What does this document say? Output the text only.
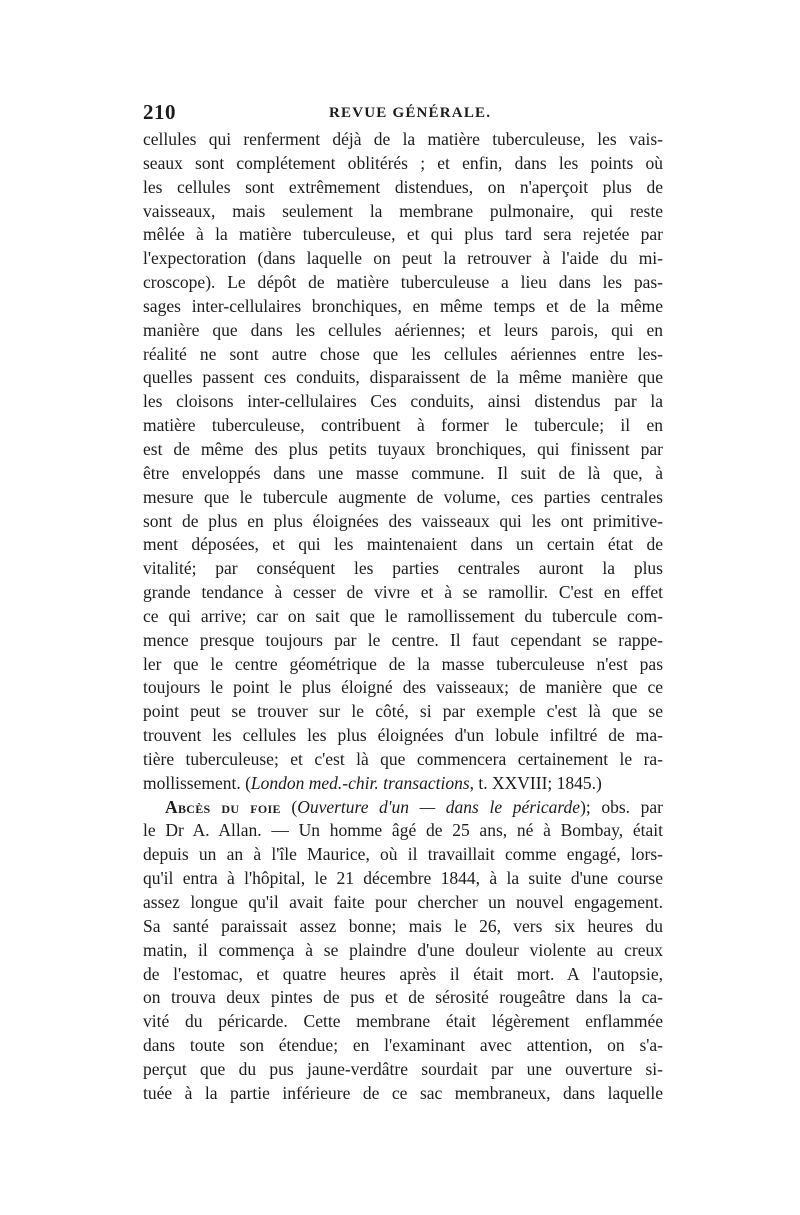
210	REVUE GÉNÉRALE.
cellules qui renferment déjà de la matière tuberculeuse, les vais-
seaux sont complétement oblitérés ; et enfin, dans les points où
les cellules sont extrêmement distendues, on n'aperçoit plus de
vaisseaux, mais seulement la membrane pulmonaire, qui reste
mêlée à la matière tuberculeuse, et qui plus tard sera rejetée par
l'expectoration (dans laquelle on peut la retrouver à l'aide du mi-
croscope). Le dépôt de matière tuberculeuse a lieu dans les pas-
sages inter-cellulaires bronchiques, en même temps et de la même
manière que dans les cellules aériennes; et leurs parois, qui en
réalité ne sont autre chose que les cellules aériennes entre les-
quelles passent ces conduits, disparaissent de la même manière que
les cloisons inter-cellulaires Ces conduits, ainsi distendus par la
matière tuberculeuse, contribuent à former le tubercule; il en
est de même des plus petits tuyaux bronchiques, qui finissent par
être enveloppés dans une masse commune. Il suit de là que, à
mesure que le tubercule augmente de volume, ces parties centrales
sont de plus en plus éloignées des vaisseaux qui les ont primitive-
ment déposées, et qui les maintenaient dans un certain état de
vitalité; par conséquent les parties centrales auront la plus
grande tendance à cesser de vivre et à se ramollir. C'est en effet
ce qui arrive; car on sait que le ramollissement du tubercule com-
mence presque toujours par le centre. Il faut cependant se rappe-
ler que le centre géométrique de la masse tuberculeuse n'est pas
toujours le point le plus éloigné des vaisseaux; de manière que ce
point peut se trouver sur le côté, si par exemple c'est là que se
trouvent les cellules les plus éloignées d'un lobule infiltré de ma-
tière tuberculeuse; et c'est là que commencera certainement le ra-
mollissement. (London med.-chir. transactions, t. XXVIII; 1845.)
Abcès du foie (Ouverture d'un — dans le péricarde); obs. par
le Dr A. Allan. — Un homme âgé de 25 ans, né à Bombay, était
depuis un an à l'île Maurice, où il travaillait comme engagé, lors-
qu'il entra à l'hôpital, le 21 décembre 1844, à la suite d'une course
assez longue qu'il avait faite pour chercher un nouvel engagement.
Sa santé paraissait assez bonne; mais le 26, vers six heures du
matin, il commença à se plaindre d'une douleur violente au creux
de l'estomac, et quatre heures après il était mort. A l'autopsie,
on trouva deux pintes de pus et de sérosité rougeâtre dans la ca-
vité du péricarde. Cette membrane était légèrement enflammée
dans toute son étendue; en l'examinant avec attention, on s'a-
perçut que du pus jaune-verdâtre sourdait par une ouverture si-
tuée à la partie inférieure de ce sac membraneux, dans laquelle
